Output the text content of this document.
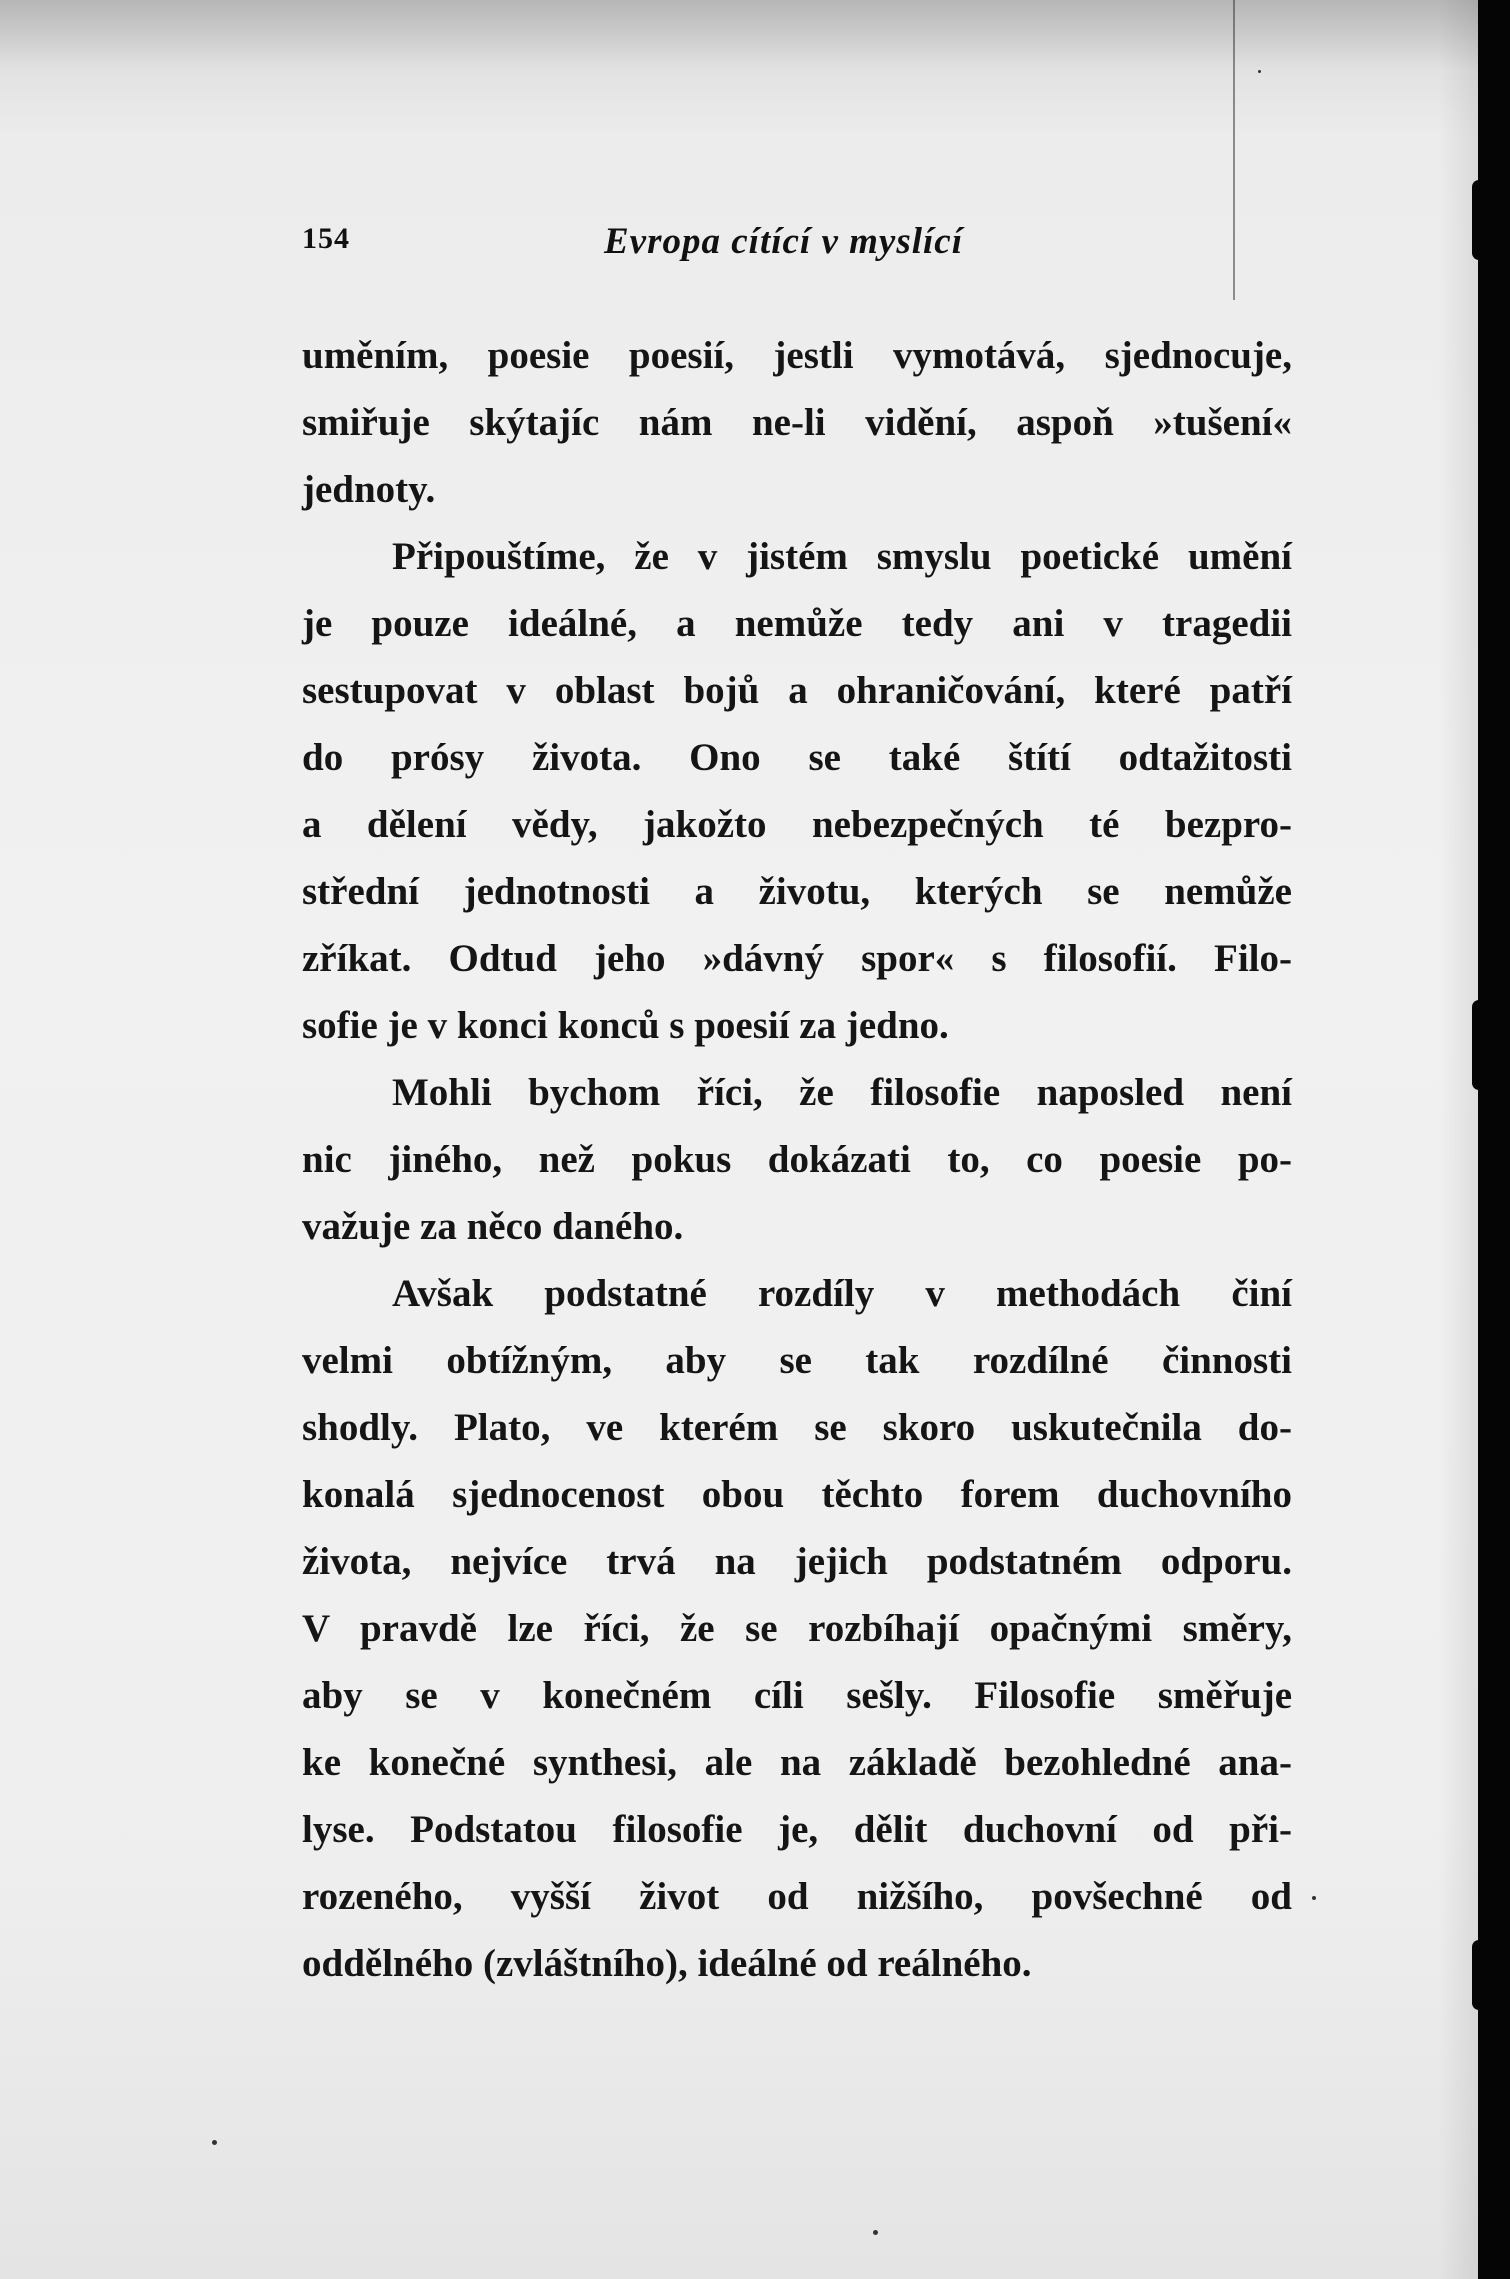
154	Evropa cítící v myslící
uměním, poesie poesií, jestli vymotává, sjednocuje,
smiřuje skýtajíc nám ne-li vidění, aspoň »tušení«
jednoty.
Připouštíme, že v jistém smyslu poetické umění
je pouze ideálné, a nemůže tedy ani v tragedii
sestupovat v oblast bojů a ohraničování, které patří
do prósy života. Ono se také štítí odtažitosti
a dělení vědy, jakožto nebezpečných té bezpro-
střední jednotnosti a životu, kterých se nemůže
zříkat. Odtud jeho »dávný spor« s filosofií. Filo-
sofie je v konci konců s poesií za jedno.
Mohli bychom říci, že filosofie naposled není
nic jiného, než pokus dokázati to, co poesie po-
važuje za něco daného.
Avšak podstatné rozdíly v methodách činí
velmi obtížným, aby se tak rozdílné činnosti
shodly. Plato, ve kterém se skoro uskutečnila do-
konalá sjednocenost obou těchto forem duchovního
života, nejvíce trvá na jejich podstatném odporu.
V pravdě lze říci, že se rozbíhají opačnými směry,
aby se v konečném cíli sešly. Filosofie směřuje
ke konečné synthesi, ale na základě bezohledné ana-
lyse. Podstatou filosofie je, dělit duchovní od při-
rozeného, vyšší život od nižšího, povšechné od
oddělného (zvláštního), ideálné od reálného.
